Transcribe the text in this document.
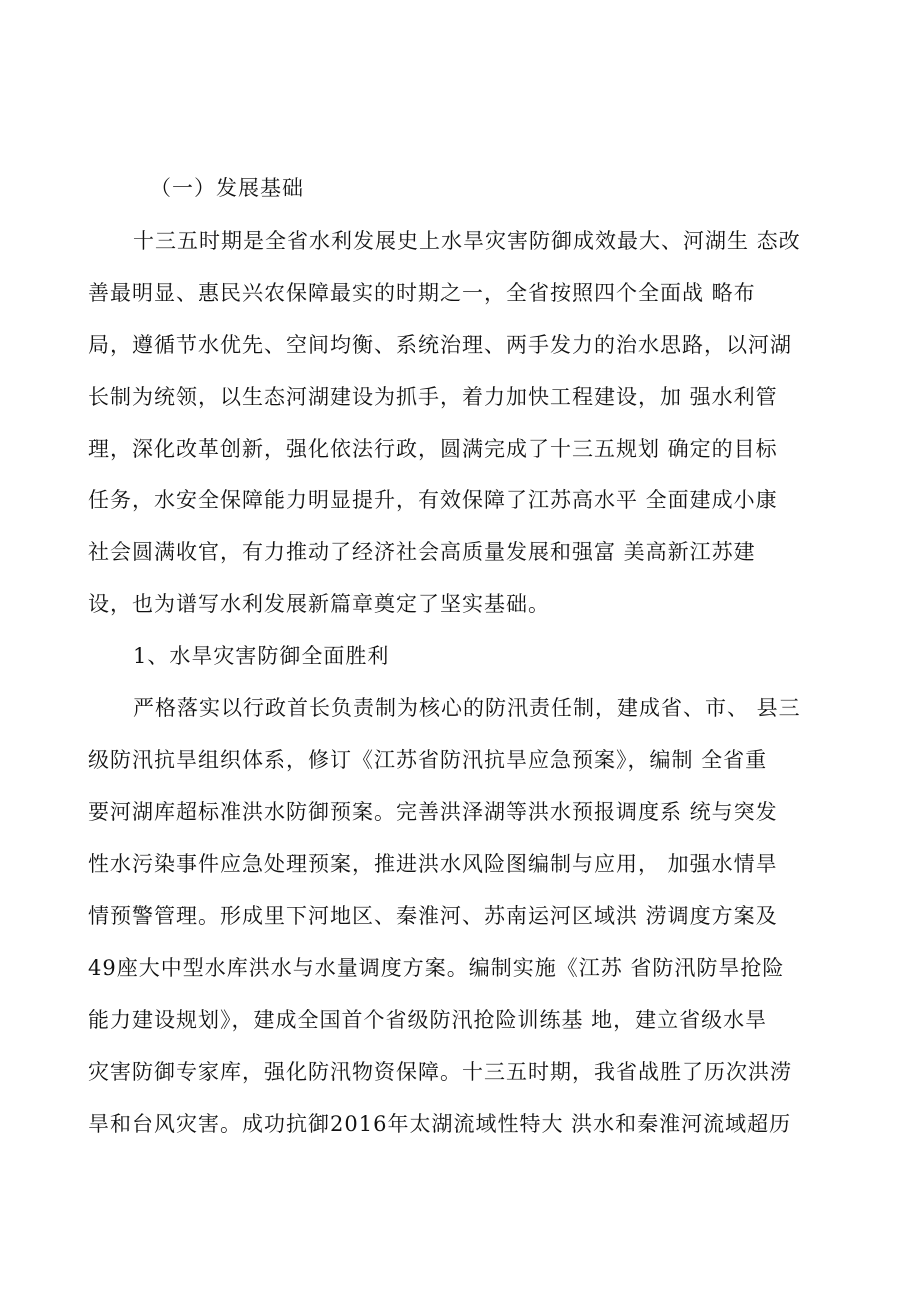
（一）发展基础
十三五时期是全省水利发展史上水旱灾害防御成效最大、河湖生 态改
善最明显、惠民兴农保障最实的时期之一，全省按照四个全面战 略布
局，遵循节水优先、空间均衡、系统治理、两手发力的治水思路，以河湖
长制为统领，以生态河湖建设为抓手，着力加快工程建设，加 强水利管
理，深化改革创新，强化依法行政，圆满完成了十三五规划 确定的目标
任务，水安全保障能力明显提升，有效保障了江苏高水平 全面建成小康
社会圆满收官，有力推动了经济社会高质量发展和强富 美高新江苏建
设，也为谱写水利发展新篇章奠定了坚实基础。
1、水旱灾害防御全面胜利
严格落实以行政首长负责制为核心的防汛责任制，建成省、市、 县三
级防汛抗旱组织体系，修订《江苏省防汛抗旱应急预案》，编制 全省重
要河湖库超标准洪水防御预案。完善洪泽湖等洪水预报调度系 统与突发
性水污染事件应急处理预案，推进洪水风险图编制与应用， 加强水情旱
情预警管理。形成里下河地区、秦淮河、苏南运河区域洪 涝调度方案及
49座大中型水库洪水与水量调度方案。编制实施《江苏 省防汛防旱抢险
能力建设规划》，建成全国首个省级防汛抢险训练基 地，建立省级水旱
灾害防御专家库，强化防汛物资保障。十三五时期，我省战胜了历次洪涝
旱和台风灾害。成功抗御2016年太湖流域性特大 洪水和秦淮河流域超历
